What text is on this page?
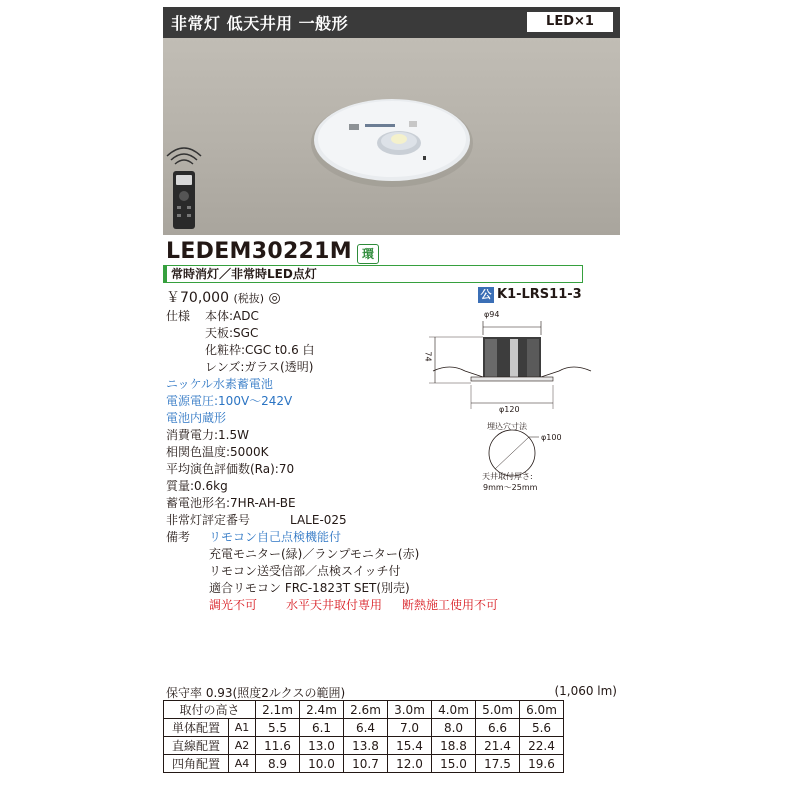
非常灯 低天井用 一般形	LED×1
LEDEM30221M 環
常時消灯／非常時LED点灯
￥70,000 (税抜) ◎	公 K1-LRS11-3
仕様 本体:ADC
天板:SGC
化粧枠:CGC t0.6 白
レンズ:ガラス(透明)
ニッケル水素蓄電池
電源電圧:100V〜242V
電池内蔵形
消費電力:1.5W
相関色温度:5000K
平均演色評価数(Ra):70
質量:0.6kg
蓄電池形名:7HR-AH-BE
非常灯評定番号	LALE-025
備考 リモコン自己点検機能付
充電モニター(緑)／ランプモニター(赤)
リモコン送受信部／点検スイッチ付
適合リモコン FRC-1823T SET(別売)
調光不可 水平天井取付専用 断熱施工使用不可
φ94
74
φ120
埋込穴寸法
φ100
天井取付厚さ:
9mm〜25mm
保守率 0.93(照度2ルクスの範囲)	(1,060 lm)
取付の高さ		2.1m	2.4m	2.6m	3.0m	4.0m	5.0m	6.0m
単体配置	A1	5.5	6.1	6.4	7.0	8.0	6.6	5.6
直線配置	A2	11.6	13.0	13.8	15.4	18.8	21.4	22.4
四角配置	A4	8.9	10.0	10.7	12.0	15.0	17.5	19.6
